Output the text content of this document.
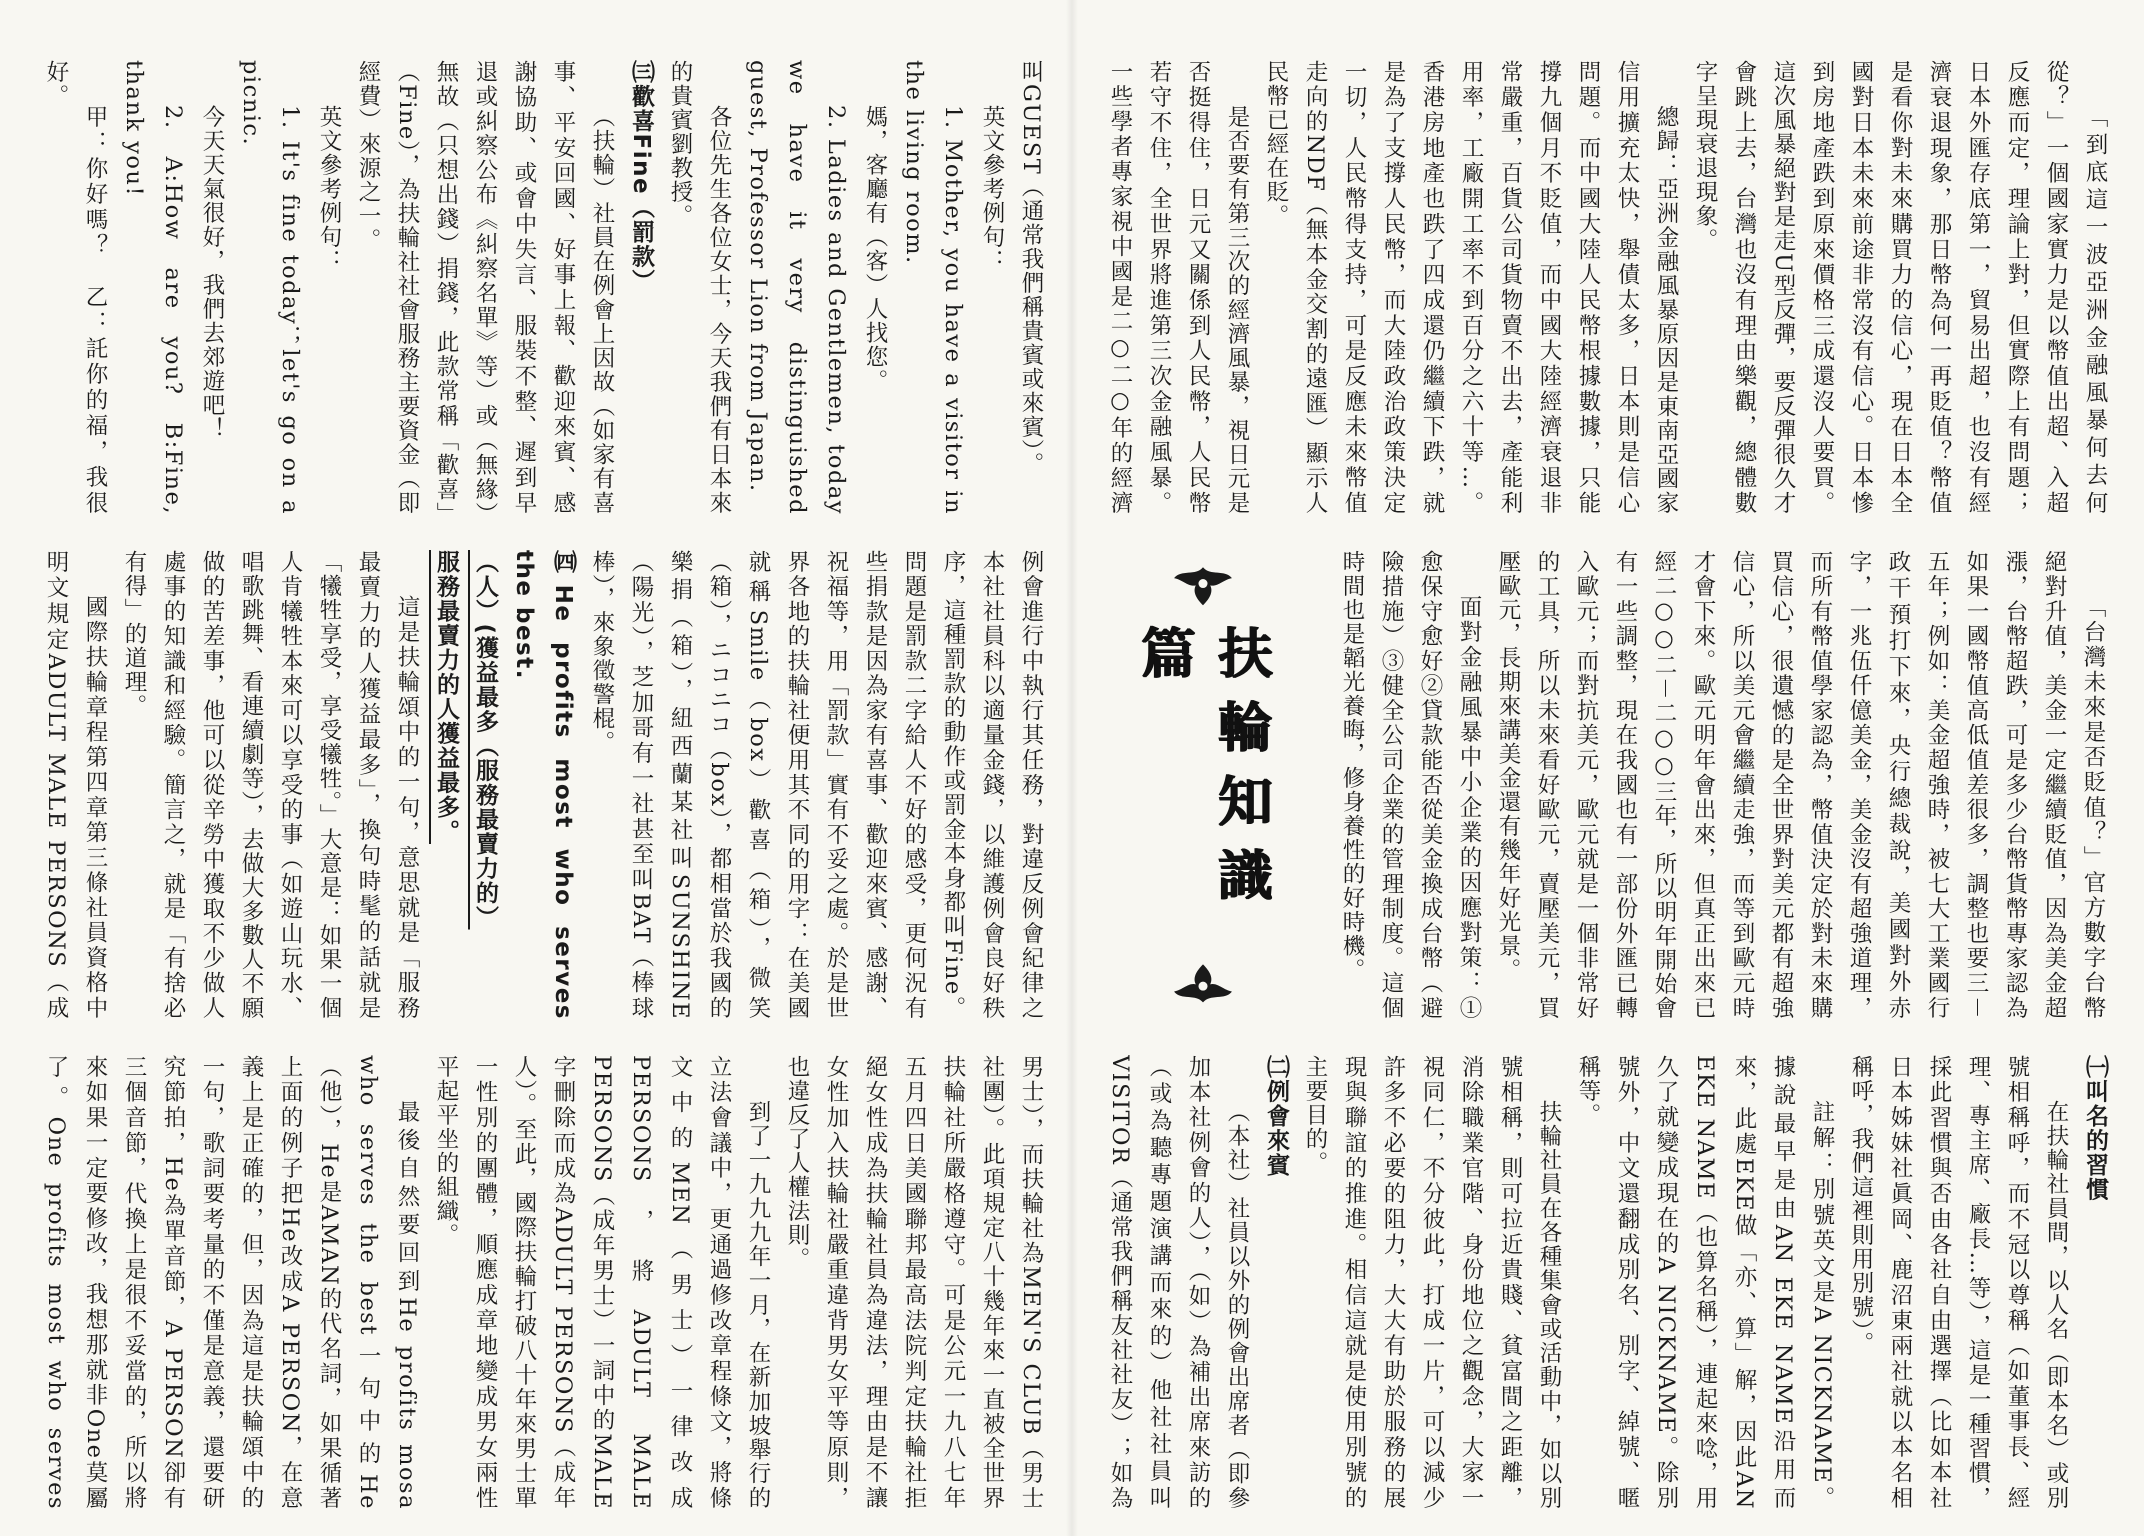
「到底這一波亞洲金融風暴何去何從？」一個國家實力是以幣值出超、入超反應而定，理論上對，但實際上有問題；日本外匯存底第一，貿易出超，也沒有經濟衰退現象，那日幣為何一再貶值？幣值是看你對未來購買力的信心，現在日本全國對日本未來前途非常沒有信心。日本慘到房地產跌到原來價格三成還沒人要買。這次風暴絕對是走U型反彈，要反彈很久才會跳上去，台灣也沒有理由樂觀，總體數字呈現衰退現象。

總歸：亞洲金融風暴原因是東南亞國家信用擴充太快，舉債太多，日本則是信心問題。而中國大陸人民幣根據數據，只能撐九個月不貶值，而中國大陸經濟衰退非常嚴重，百貨公司貨物賣不出去，產能利用率，工廠開工率不到百分之六十等…。香港房地產也跌了四成還仍繼續下跌，就是為了支撐人民幣，而大陸政治政策決定一切，人民幣得支持，可是反應未來幣值走向的NDF（無本金交割的遠匯）顯示人民幣已經在貶。

是否要有第三次的經濟風暴，視日元是否挺得住，日元又關係到人民幣，人民幣若守不住，全世界將進第三次金融風暴。一些學者專家視中國是二○二○年的經濟

「台灣未來是否貶值？」官方數字台幣絕對升值，美金一定繼續貶值，因為美金超漲，台幣超跌，可是多少台幣貨幣專家認為如果一國幣值高低值差很多，調整也要三－五年；例如：美金超強時，被七大工業國行政干預打下來，央行總裁說，美國對外赤字，一兆伍仟億美金，美金沒有超強道理，而所有幣值學家認為，幣值決定於對未來購買信心，很遺憾的是全世界對美元都有超強信心，所以美元會繼續走強，而等到歐元時才會下來。歐元明年會出來，但真正出來已經二○○二－二○○三年，所以明年開始會有一些調整，現在我國也有一部份外匯已轉入歐元；而對抗美元，歐元就是一個非常好的工具，所以未來看好歐元，賣壓美元，買壓歐元，長期來講美金還有幾年好光景。

面對金融風暴中小企業的因應對策：①愈保守愈好②貸款能否從美金換成台幣（避險措施）③健全公司企業的管理制度。這個時間也是韜光養晦，修身養性的好時機。

扶輪知識篇
㈠叫名的習慣

在扶輪社員間，以人名（即本名）或別號相稱呼，而不冠以尊稱（如董事長、經理、專主席、廠長…等），這是一種習慣，採此習慣與否由各社自由選擇（比如本社日本姊妹社眞岡、鹿沼東兩社就以本名相稱呼，我們這裡則用別號）。

註解：別號英文是A NICKNAME。據說最早是由AN EKE NAME沿用而來，此處EKE做「亦、算」解，因此AN EKE NAME（也算名稱），連起來唸，用久了就變成現在的A NICKNAME。除別號外，中文還翻成別名、別字、綽號、暱稱等。

扶輪社員在各種集會或活動中，如以別號相稱，則可拉近貴賤、貧富間之距離，消除職業官階、身份地位之觀念，大家一視同仁，不分彼此，打成一片，可以減少許多不必要的阻力，大大有助於服務的展現與聯誼的推進。相信這就是使用別號的主要目的。

㈡例會來賓

（本社）社員以外的例會出席者（即參加本社例會的人），（如）為補出席來訪的（或為聽專題演講而來的）他社社員叫VISITOR（通常我們稱友社社友）；如為

叫GUEST（通常我們稱貴賓或來賓）。

英文參考例句：

1. Mother, you have a visitor in the living room.

媽，客廳有（客）人找您。

2. Ladies and Gentlemen, today we have it very distinguished guest, Professor Lion from Japan.

各位先生各位女士，今天我們有日本來的貴賓劉教授。

㈢歡喜Fine（罰款）

（扶輪）社員在例會上因故（如家有喜事、平安回國、好事上報、歡迎來賓、感謝協助、或會中失言、服裝不整、遲到早退或糾察公布《糾察名單》等）或（無緣）無故（只想出錢）捐錢，此款常稱「歡喜」（Fine），為扶輪社社會服務主要資金（即經費）來源之一。

英文參考例句：

1. It's fine today；let's go on a picnic.

今天天氣很好，我們去郊遊吧！

2. A:How are you? B:Fine, thank you!

甲：你好嗎？　乙：託你的福，我很好。

例會進行中執行其任務，對違反例會紀律之本社社員科以適量金錢，以維護例會良好秩序，這種罰款的動作或罰金本身都叫Fine。問題是罰款二字給人不好的感受，更何況有些捐款是因為家有喜事、歡迎來賓、感謝、祝福等，用「罰款」實有不妥之處。於是世界各地的扶輪社便用其不同的用字：在美國就稱Smile（box）歡喜（箱），微笑（箱），ニコニコ（box），都相當於我國的樂捐（箱），紐西蘭某社叫SUNSHINE（陽光），芝加哥有一社甚至叫BAT（棒球棒），來象徵警棍。

㈣He profits most who serves the best.
（人）(獲益最多（服務最賣力的）
服務最賣力的人獲益最多。

這是扶輪頌中的一句，意思就是「服務最賣力的人獲益最多」，換句時髦的話就是「犧牲享受，享受犧牲。」大意是：如果一個人肯犧牲本來可以享受的事（如遊山玩水、唱歌跳舞、看連續劇等），去做大多數人不願做的苦差事，他可以從辛勞中獲取不少做人處事的知識和經驗。簡言之，就是「有捨必有得」的道理。

國際扶輪章程第四章第三條社員資格中明文規定ADULT MALE PERSONS（成

男士），而扶輪社為MEN'S CLUB（男士社團）。此項規定八十幾年來一直被全世界扶輪社所嚴格遵守。可是公元一九八七年五月四日美國聯邦最高法院判定扶輪社拒絕女性成為扶輪社員為違法，理由是不讓女性加入扶輪社嚴重違背男女平等原則，也違反了人權法則。

到了一九九九年一月，在新加坡舉行的立法會議中，更通過修改章程條文，將條文中的MEN（男士）一律改成PERSONS，將ADULT MALE PERSONS（成年男士）一詞中的MALE字刪除而成為ADULT PERSONS（成年人）。至此，國際扶輪打破八十年來男士單一性別的團體，順應成章地變成男女兩性平起平坐的組織。

最後自然要回到He profits mosa who serves the best一句中的He（他），He是AMAN的代名詞，如果循著上面的例子把He改成A PERSON，在意義上是正確的，但，因為這是扶輪頌中的一句，歌詞要考量的不僅是意義，還要研究節拍，He為單音節，A PERSON卻有三個音節，代換上是很不妥當的，所以將來如果一定要修改，我想那就非One莫屬了。One profits most who serves
